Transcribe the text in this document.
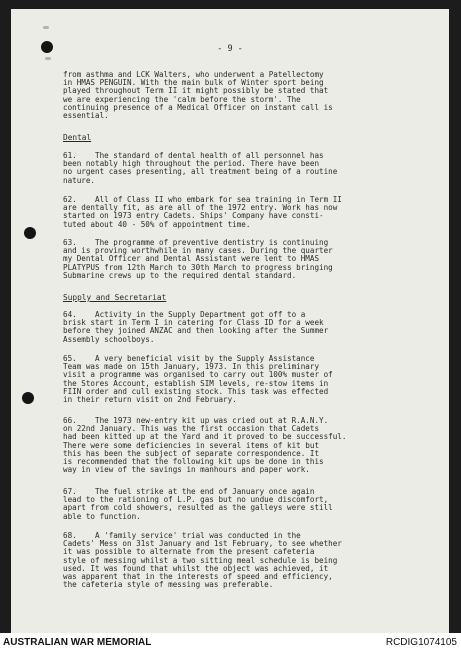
- 9 -
from asthma and LCK Walters, who underwent a Patellectomy
in HMAS PENGUIN. With the main bulk of Winter sport being
played throughout Term II it might possibly be stated that
we are experiencing the 'calm before the storm'. The
continuing presence of a Medical Officer on instant call is
essential.
Dental
61.    The standard of dental health of all personnel has
been notably high throughout the period. There have been
no urgent cases presenting, all treatment being of a routine
nature.
62.    All of Class II who embark for sea training in Term II
are dentally fit, as are all of the 1972 entry. Work has now
started on 1973 entry Cadets. Ships' Company have consti-
tuted about 40 - 50% of appointment time.
63.    The programme of preventive dentistry is continuing
and is proving worthwhile in many cases. During the quarter
my Dental Officer and Dental Assistant were lent to HMAS
PLATYPUS from 12th March to 30th March to progress bringing
Submarine crews up to the required dental standard.
Supply and Secretariat
64.    Activity in the Supply Department got off to a
brisk start in Term I in catering for Class ID for a week
before they joined ANZAC and then looking after the Summer
Assembly schoolboys.
65.    A very beneficial visit by the Supply Assistance
Team was made on 15th January, 1973. In this preliminary
visit a programme was organised to carry out 100% muster of
the Stores Account, establish SIM levels, re-stow items in
FIIN order and cull existing stock. This task was effected
in their return visit on 2nd February.
66.    The 1973 new-entry kit up was cried out at R.A.N.Y.
on 22nd January. This was the first occasion that Cadets
had been kitted up at the Yard and it proved to be successful.
There were some deficiencies in several items of kit but
this has been the subject of separate correspondence. It
is recommended that the following kit ups be done in this
way in view of the savings in manhours and paper work.
67.    The fuel strike at the end of January once again
lead to the rationing of L.P. gas but no undue discomfort,
apart from cold showers, resulted as the galleys were still
able to function.
68.    A 'family service' trial was conducted in the
Cadets' Mess on 31st January and 1st February, to see whether
it was possible to alternate from the present cafeteria
style of messing whilst a two sitting meal schedule is being
used. It was found that whilst the object was achieved, it
was apparent that in the interests of speed and efficiency,
the cafeteria style of messing was preferable.
AUSTRALIAN WAR MEMORIAL	RCDIG1074105
